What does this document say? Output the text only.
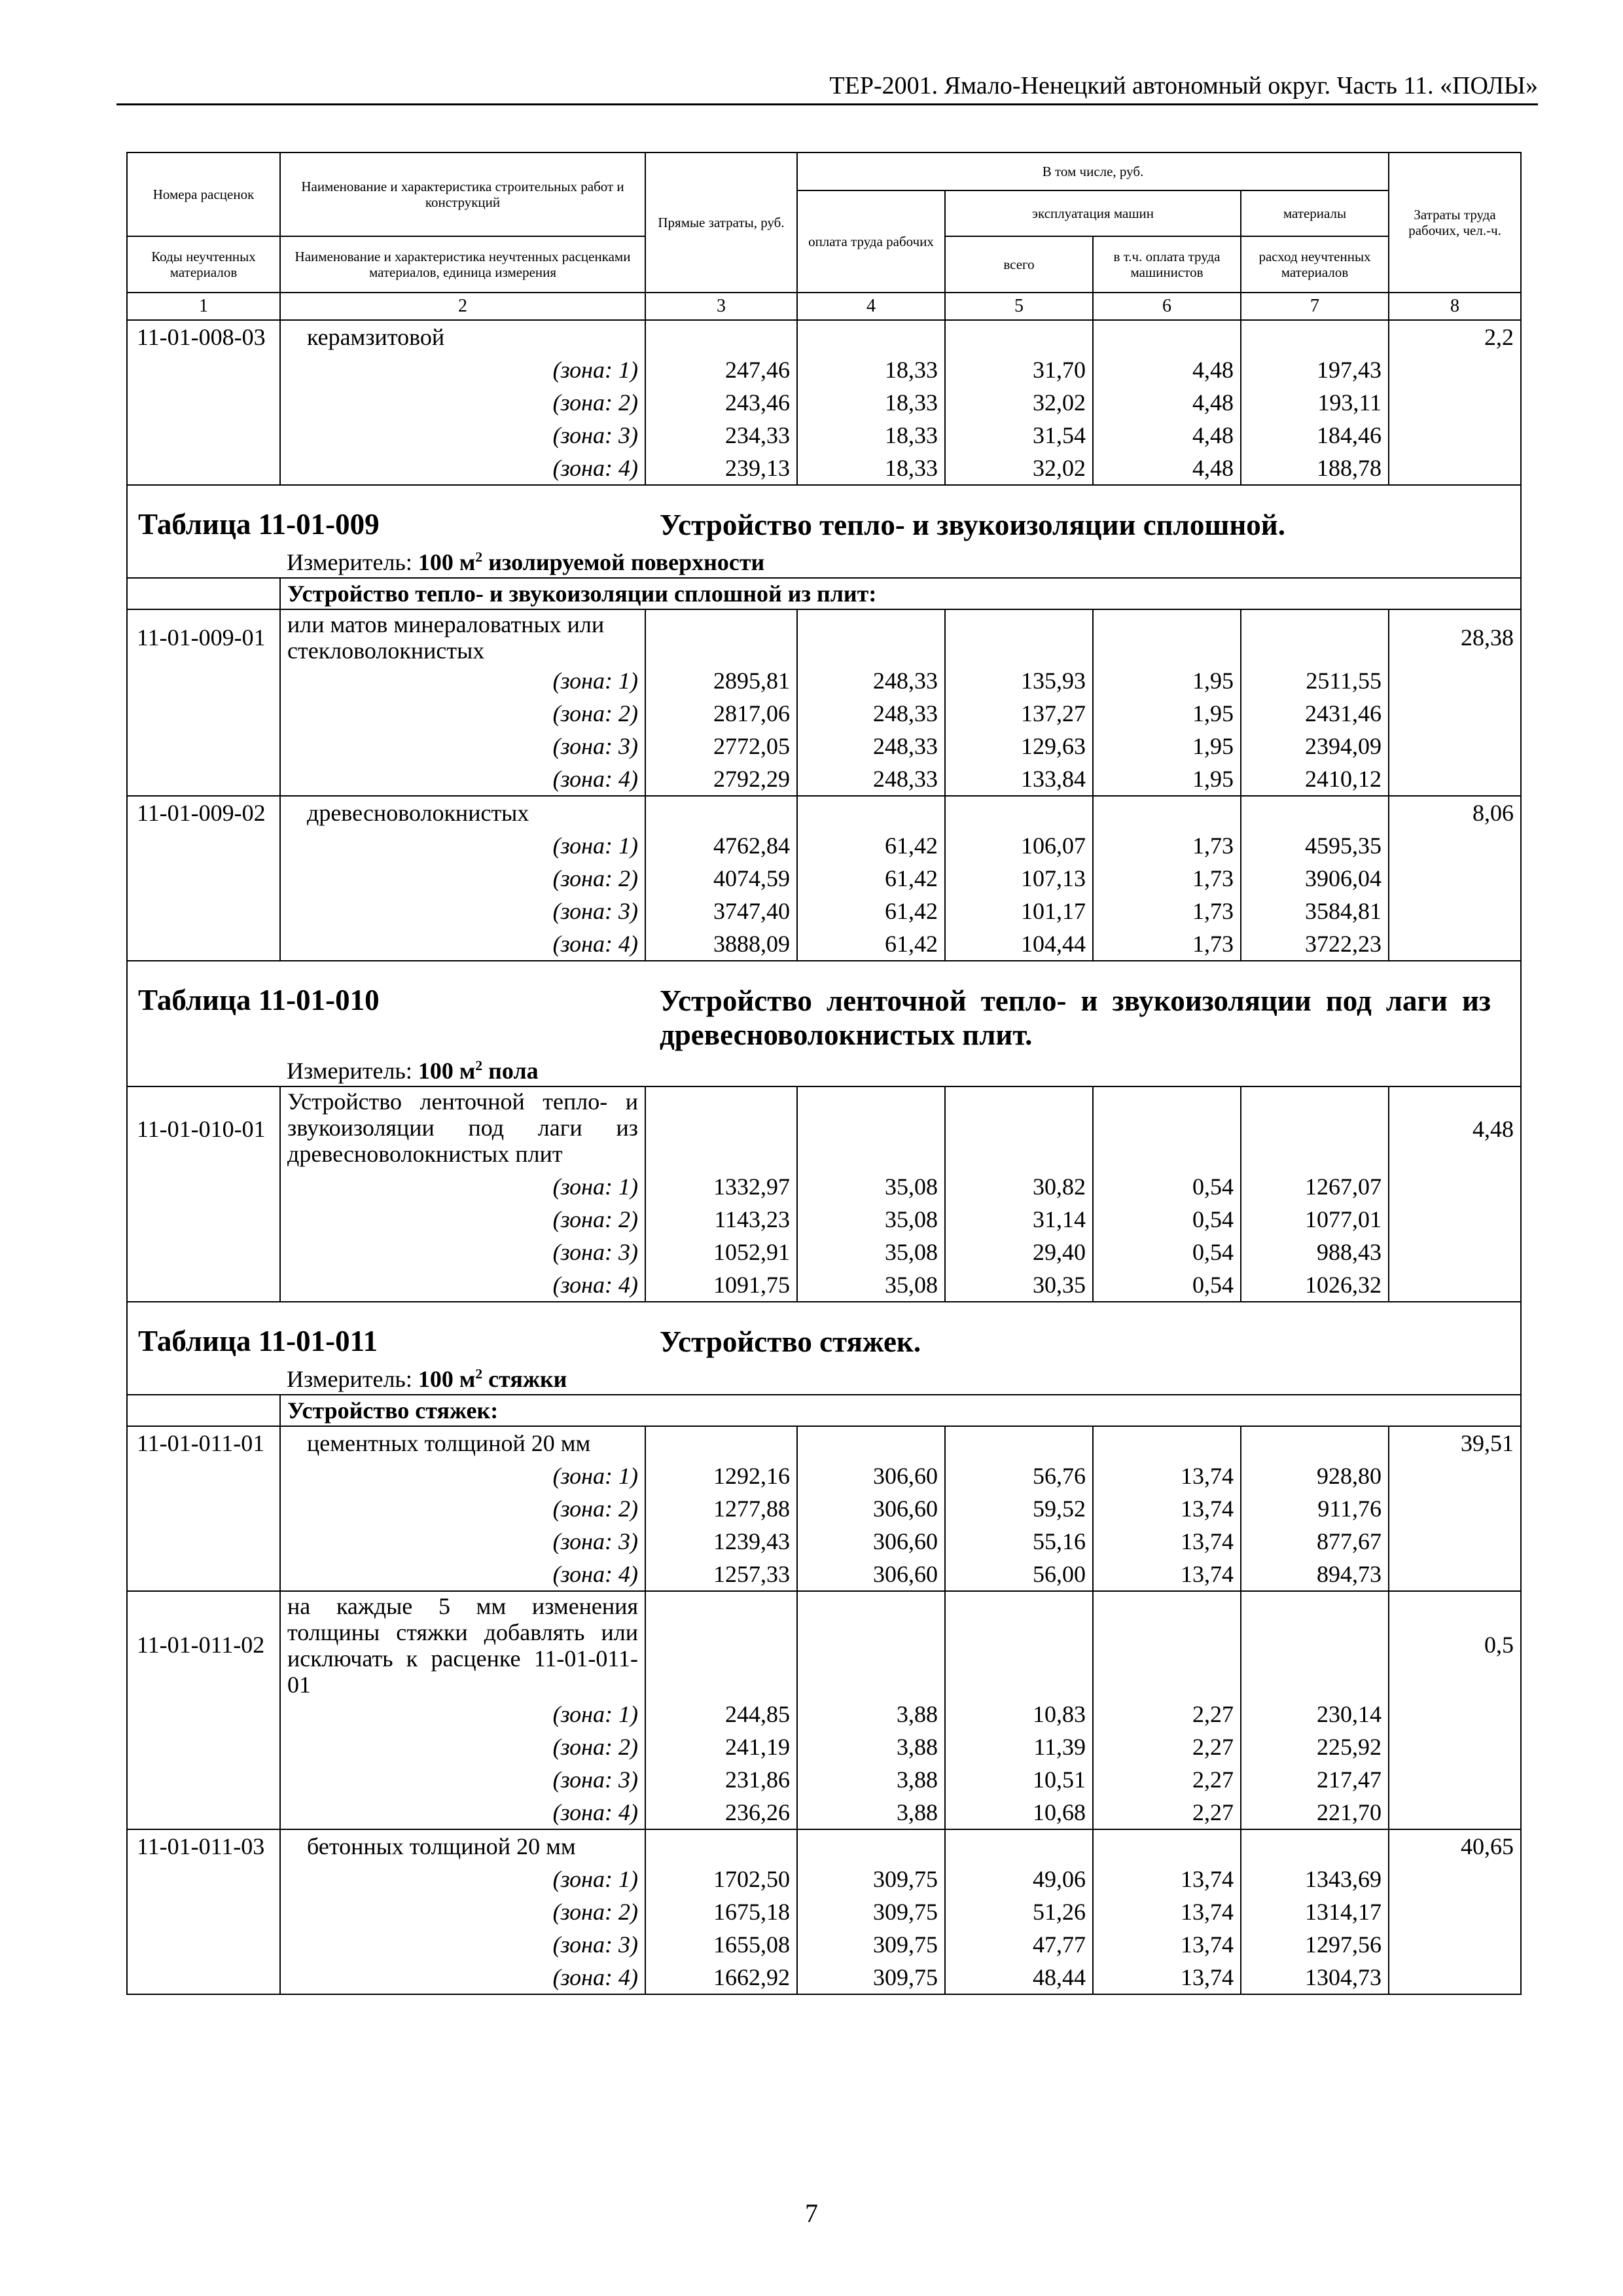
ТЕР-2001. Ямало-Ненецкий автономный округ. Часть 11. «ПОЛЫ»
Номера расценок	Наименование и характеристика строительных работ и конструкций	Прямые затраты, руб.	В том числе, руб.				Затраты труда рабочих, чел.-ч.
			оплата труда рабочих	эксплуатация машин		материалы	
Коды неучтенных материалов	Наименование и характеристика неучтенных расценками материалов, единица измерения			всего	в т.ч. оплата труда машинистов	расход неучтенных материалов	
1	2	3	4	5	6	7	8
11-01-008-03	керамзитовой						2,2
	(зона: 1)	247,46	18,33	31,70	4,48	197,43	
	(зона: 2)	243,46	18,33	32,02	4,48	193,11	
	(зона: 3)	234,33	18,33	31,54	4,48	184,46	
	(зона: 4)	239,13	18,33	32,02	4,48	188,78	

Таблица 11-01-009 Устройство тепло- и звукоизоляции сплошной.							

Измеритель: 100 $м^2$ изолируемой поверхности							
	Устройство тепло- и звукоизоляции сплошной из плит:						
11-01-009-01	или матов минераловатных или стекловолокнистых						28,38
	(зона: 1)	2895,81	248,33	135,93	1,95	2511,55	
	(зона: 2)	2817,06	248,33	137,27	1,95	2431,46	
	(зона: 3)	2772,05	248,33	129,63	1,95	2394,09	
	(зона: 4)	2792,29	248,33	133,84	1,95	2410,12	
11-01-009-02	древесноволокнистых						8,06
	(зона: 1)	4762,84	61,42	106,07	1,73	4595,35	
	(зона: 2)	4074,59	61,42	107,13	1,73	3906,04	
	(зона: 3)	3747,40	61,42	101,17	1,73	3584,81	
	(зона: 4)	3888,09	61,42	104,44	1,73	3722,23	

Таблица 11-01-010 Устройство ленточной тепло- и звукоизоляции под лаги из древесноволокнистых плит.							

Измеритель: 100 $м^2$ пола							
11-01-010-01	Устройство ленточной тепло- и звукоизоляции под лаги из древесноволокнистых плит						4,48
	(зона: 1)	1332,97	35,08	30,82	0,54	1267,07	
	(зона: 2)	1143,23	35,08	31,14	0,54	1077,01	
	(зона: 3)	1052,91	35,08	29,40	0,54	988,43	
	(зона: 4)	1091,75	35,08	30,35	0,54	1026,32	

Таблица 11-01-011 Устройство стяжек.							

Измеритель: 100 $м^2$ стяжки							
	Устройство стяжек:						
11-01-011-01	цементных толщиной 20 мм						39,51
	(зона: 1)	1292,16	306,60	56,76	13,74	928,80	
	(зона: 2)	1277,88	306,60	59,52	13,74	911,76	
	(зона: 3)	1239,43	306,60	55,16	13,74	877,67	
	(зона: 4)	1257,33	306,60	56,00	13,74	894,73	
11-01-011-02	на каждые 5 мм изменения толщины стяжки добавлять или исключать к расценке 11-01-011-01						0,5
	(зона: 1)	244,85	3,88	10,83	2,27	230,14	
	(зона: 2)	241,19	3,88	11,39	2,27	225,92	
	(зона: 3)	231,86	3,88	10,51	2,27	217,47	
	(зона: 4)	236,26	3,88	10,68	2,27	221,70	
11-01-011-03	бетонных толщиной 20 мм						40,65
	(зона: 1)	1702,50	309,75	49,06	13,74	1343,69	
	(зона: 2)	1675,18	309,75	51,26	13,74	1314,17	
	(зона: 3)	1655,08	309,75	47,77	13,74	1297,56	
	(зона: 4)	1662,92	309,75	48,44	13,74	1304,73	
7
